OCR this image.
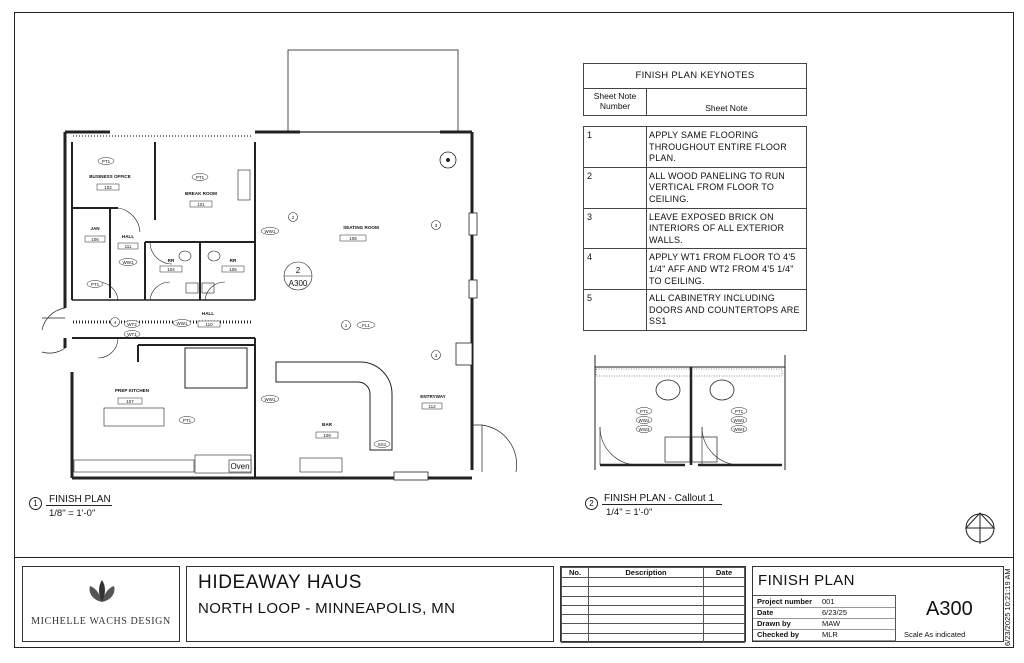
PT1
BUSINESS OFFICE
102
PT1
BREAK ROOM
101
JAN
106
HALL
111
WW1
PT1
RR
104
RR
105
SEATING ROOM
108
WW1
HALL
110
WW1
WT2
WT1
PREP KITCHEN
107
PT1
WW1
BAR
109
ENTRYWAY
112
FL1
SS1
2
3
4
1
3
2
A300
Oven
1	FINISH PLAN
1/8" = 1'-0"
FINISH PLAN KEYNOTES
Sheet Note Number	Sheet Note
1	APPLY SAME FLOORING THROUGHOUT ENTIRE FLOOR PLAN.
2	ALL WOOD PANELING TO RUN VERTICAL FROM FLOOR TO CEILING.
3	LEAVE EXPOSED BRICK ON INTERIORS OF ALL EXTERIOR WALLS.
4	APPLY WT1 FROM FLOOR TO 4'5 1/4" AFF AND WT2 FROM 4'5 1/4" TO CEILING.
5	ALL CABINETRY INCLUDING DOORS AND COUNTERTOPS ARE SS1
PT1
WW2
WW3
PT1
WW2
WW3
2	FINISH PLAN - Callout 1
1/4" = 1'-0"
MICHELLE WACHS DESIGN
HIDEAWAY HAUS
NORTH LOOP - MINNEAPOLIS, MN
No.	Description	Date

		FINISH PLAN
Project number 001
Date	6/23/25
Drawn by	MAW
Checked by	MLR
A300
Scale As indicated	6/23/2025 10:21:19 AM
